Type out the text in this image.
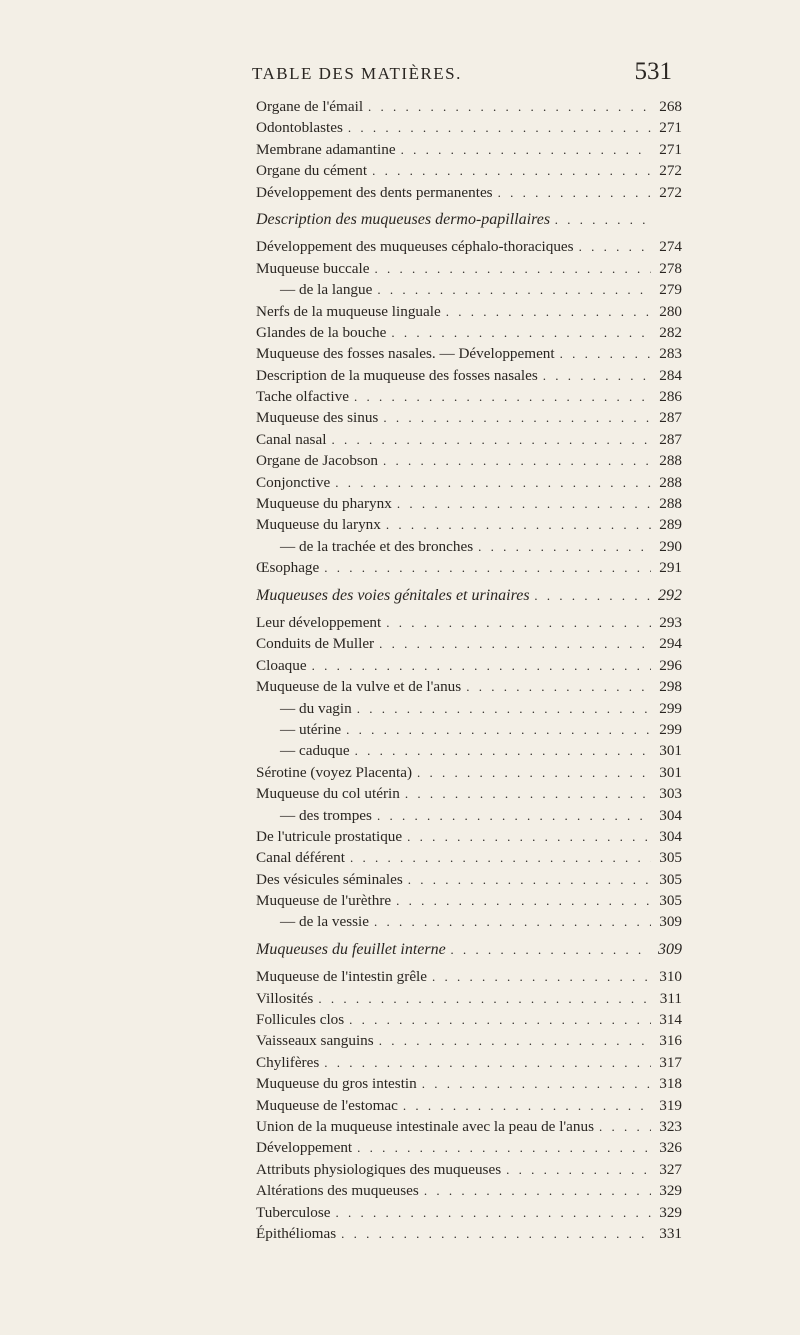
TABLE DES MATIÈRES.	531
Organe de l'émail . . .	268
Odontoblastes . . .	271
Membrane adamantine . . .	271
Organe du cément . . .	272
Développement des dents permanentes . . .	272
Description des muqueuses dermo-papillaires
. . .
Développement des muqueuses céphalo-thoraciques . . .	274
Muqueuse buccale . . .	278
— de la langue . . .	279
Nerfs de la muqueuse linguale . . .	280
Glandes de la bouche . . .	282
Muqueuse des fosses nasales. — Développement . . .	283
Description de la muqueuse des fosses nasales . . .	284
Tache olfactive . . .	286
Muqueuse des sinus . . .	287
Canal nasal . . .	287
Organe de Jacobson . . .	288
Conjonctive . . .	288
Muqueuse du pharynx . . .	288
Muqueuse du larynx . . .	289
— de la trachée et des bronches . . .	290
Œsophage . . .	291
Muqueuses des voies génitales et urinaires . . .	292
Leur développement . . .	293
Conduits de Muller . . .	294
Cloaque . . .	296
Muqueuse de la vulve et de l'anus . . .	298
— du vagin . . .	299
— utérine . . .	299
— caduque . . .	301
Sérotine (voyez Placenta) . . .	301
Muqueuse du col utérin . . .	303
— des trompes . . .	304
De l'utricule prostatique . . .	304
Canal déférent . . .	305
Des vésicules séminales . . .	305
Muqueuse de l'urèthre . . .	305
— de la vessie . . .	309
Muqueuses du feuillet interne . . .	309
Muqueuse de l'intestin grêle . . .	310
Villosités . . .	311
Follicules clos . . .	314
Vaisseaux sanguins . . .	316
Chylifères . . .	317
Muqueuse du gros intestin . . .	318
Muqueuse de l'estomac . . .	319
Union de la muqueuse intestinale avec la peau de l'anus . . .	323
Développement . . .	326
Attributs physiologiques des muqueuses . . .	327
Altérations des muqueuses . . .	329
Tuberculose . . .	329
Épithéliomas . . .	331
